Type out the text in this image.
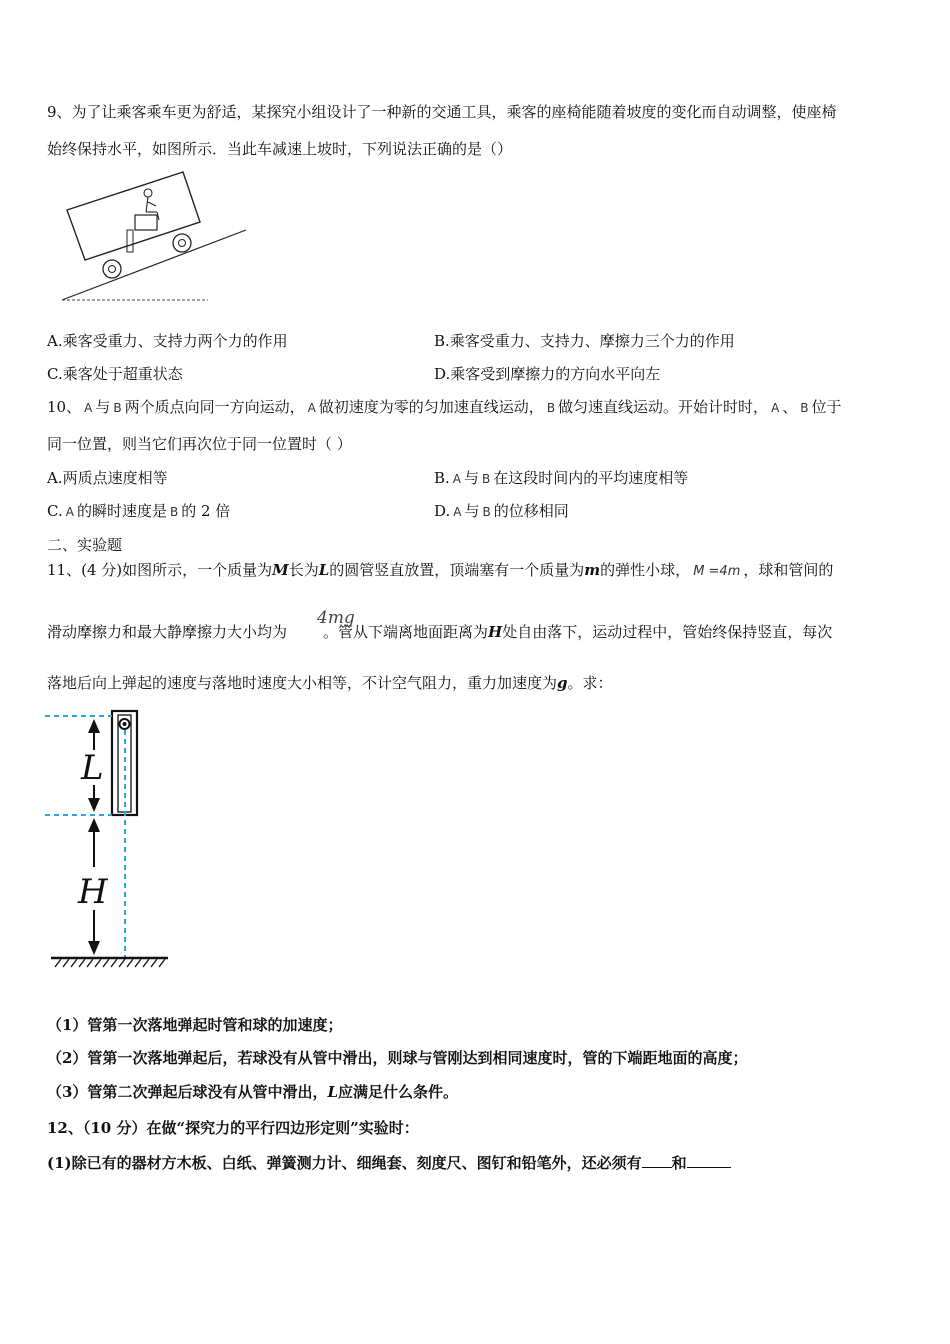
9、为了让乘客乘车更为舒适，某探究小组设计了一种新的交通工具，乘客的座椅能随着坡度的变化而自动调整，使座椅
始终保持水平，如图所示．当此车减速上坡时，下列说法正确的是（）
A.乘客受重力、支持力两个力的作用	B.乘客受重力、支持力、摩擦力三个力的作用
C.乘客处于超重状态	D.乘客受到摩擦力的方向水平向左
10、 A 与 B 两个质点向同一方向运动， A 做初速度为零的匀加速直线运动， B 做匀速直线运动。开始计时时， A 、 B 位于
同一位置，则当它们再次位于同一位置时（ ）
A.两质点速度相等	B. A 与 B 在这段时间内的平均速度相等
C. A 的瞬时速度是 B 的 2 倍	D. A 与 B 的位移相同
二、实验题
11、(4 分)如图所示，一个质量为M长为L的圆管竖直放置，顶端塞有一个质量为m的弹性小球， M =4m ，球和管间的
4mg
滑动摩擦力和最大静摩擦力大小均为 。管从下端离地面距离为H处自由落下，运动过程中，管始终保持竖直，每次
落地后向上弹起的速度与落地时速度大小相等，不计空气阻力，重力加速度为g。求：
L
H
（1）管第一次落地弹起时管和球的加速度；
（2）管第一次落地弹起后，若球没有从管中滑出，则球与管刚达到相同速度时，管的下端距地面的高度；
（3）管第二次弹起后球没有从管中滑出，L应满足什么条件。
12、（10 分）在做“探究力的平行四边形定则”实验时：
(1)除已有的器材方木板、白纸、弹簧测力计、细绳套、刻度尺、图钉和铅笔外，还必须有 和
